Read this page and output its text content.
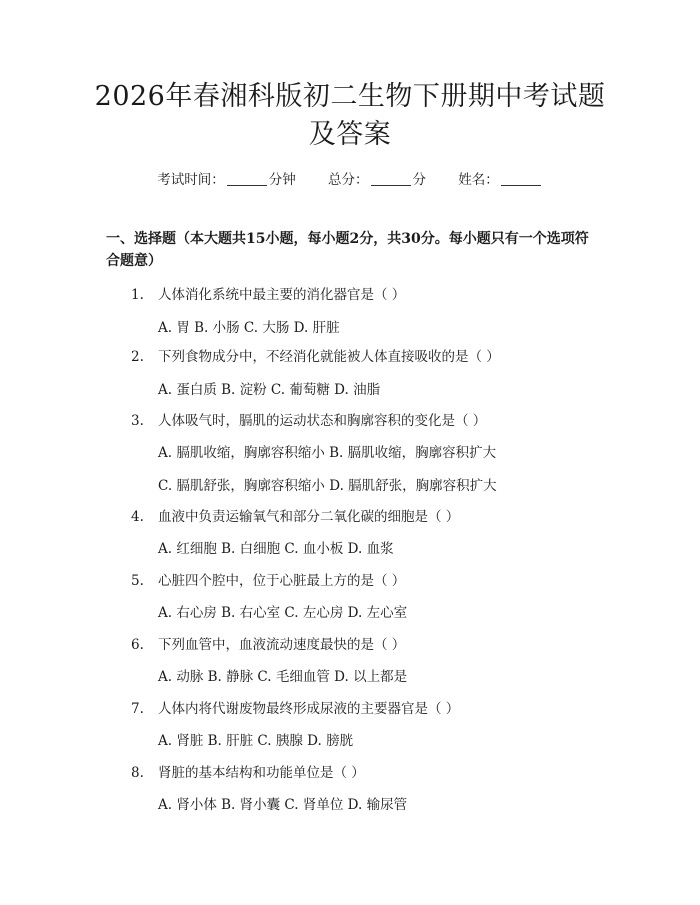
2026年春湘科版初二生物下册期中考试题及答案
考试时间：	分钟 总分：	分 姓名：
一、选择题（本大题共15小题，每小题2分，共30分。每小题只有一个选项符合题意）
1. 人体消化系统中最主要的消化器官是（ ）
A. 胃 B. 小肠 C. 大肠 D. 肝脏
2. 下列食物成分中，不经消化就能被人体直接吸收的是（ ）
A. 蛋白质 B. 淀粉 C. 葡萄糖 D. 油脂
3. 人体吸气时，膈肌的运动状态和胸廓容积的变化是（ ）
A. 膈肌收缩，胸廓容积缩小 B. 膈肌收缩，胸廓容积扩大
C. 膈肌舒张，胸廓容积缩小 D. 膈肌舒张，胸廓容积扩大
4. 血液中负责运输氧气和部分二氧化碳的细胞是（ ）
A. 红细胞 B. 白细胞 C. 血小板 D. 血浆
5. 心脏四个腔中，位于心脏最上方的是（ ）
A. 右心房 B. 右心室 C. 左心房 D. 左心室
6. 下列血管中，血液流动速度最快的是（ ）
A. 动脉 B. 静脉 C. 毛细血管 D. 以上都是
7. 人体内将代谢废物最终形成尿液的主要器官是（ ）
A. 肾脏 B. 肝脏 C. 胰腺 D. 膀胱
8. 肾脏的基本结构和功能单位是（ ）
A. 肾小体 B. 肾小囊 C. 肾单位 D. 输尿管
